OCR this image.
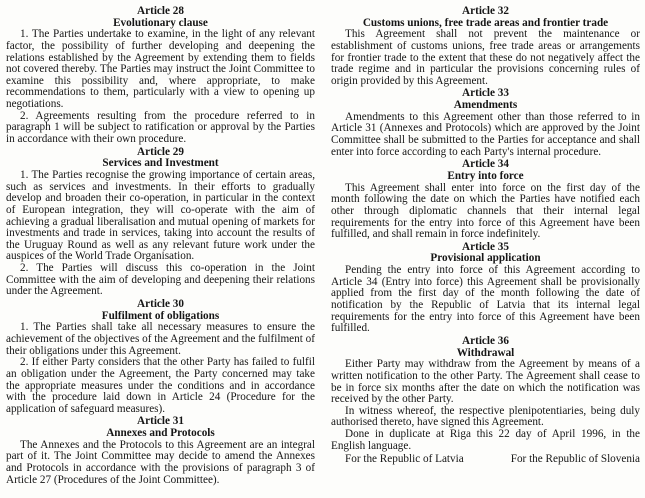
Article 28
Evolutionary clause

1. The Parties undertake to examine, in the light of any relevant factor, the possibility of further developing and deepening the relations established by the Agreement by extending them to fields not covered thereby. The Parties may instruct the Joint Committee to examine this possibility and, where appropriate, to make recommendations to them, particularly with a view to opening up negotiations.

2. Agreements resulting from the procedure referred to in paragraph 1 will be subject to ratification or approval by the Parties in accordance with their own procedure.

Article 29
Services and Investment

1. The Parties recognise the growing importance of certain areas, such as services and investments. In their efforts to gradually develop and broaden their co-operation, in particular in the context of European integration, they will co-operate with the aim of achieving a gradual liberalisation and mutual opening of markets for investments and trade in services, taking into account the results of the Uruguay Round as well as any relevant future work under the auspices of the World Trade Organisation.

2. The Parties will discuss this co-operation in the Joint Committee with the aim of developing and deepening their relations under the Agreement.

Article 30
Fulfilment of obligations

1. The Parties shall take all necessary measures to ensure the achievement of the objectives of the Agreement and the fulfilment of their obligations under this Agreement.

2. If either Party considers that the other Party has failed to fulfil an obligation under the Agreement, the Party concerned may take the appropriate measures under the conditions and in accordance with the procedure laid down in Article 24 (Procedure for the application of safeguard measures).

Article 31
Annexes and Protocols

The Annexes and the Protocols to this Agreement are an integral part of it. The Joint Committee may decide to amend the Annexes and Protocols in accordance with the provisions of paragraph 3 of Article 27 (Procedures of the Joint Committee).

Article 32
Customs unions, free trade areas and frontier trade

This Agreement shall not prevent the maintenance or establishment of customs unions, free trade areas or arrangements for frontier trade to the extent that these do not negatively affect the trade regime and in particular the provisions concerning rules of origin provided by this Agreement.

Article 33
Amendments

Amendments to this Agreement other than those referred to in Article 31 (Annexes and Protocols) which are approved by the Joint Committee shall be submitted to the Parties for acceptance and shall enter into force according to each Party's internal procedure.

Article 34
Entry into force

This Agreement shall enter into force on the first day of the month following the date on which the Parties have notified each other through diplomatic channels that their internal legal requirements for the entry into force of this Agreement have been fulfilled, and shall remain in force indefinitely.

Article 35
Provisional application

Pending the entry into force of this Agreement according to Article 34 (Entry into force) this Agreement shall be provisionally applied from the first day of the month following the date of notification by the Republic of Latvia that its internal legal requirements for the entry into force of this Agreement have been fulfilled.

Article 36
Withdrawal

Either Party may withdraw from the Agreement by means of a written notification to the other Party. The Agreement shall cease to be in force six months after the date on which the notification was received by the other Party.

In witness whereof, the respective plenipotentiaries, being duly authorised thereto, have signed this Agreement.

Done in duplicate at Riga this 22 day of April 1996, in the English language.

For the Republic of Latvia	For the Republic of Slovenia
